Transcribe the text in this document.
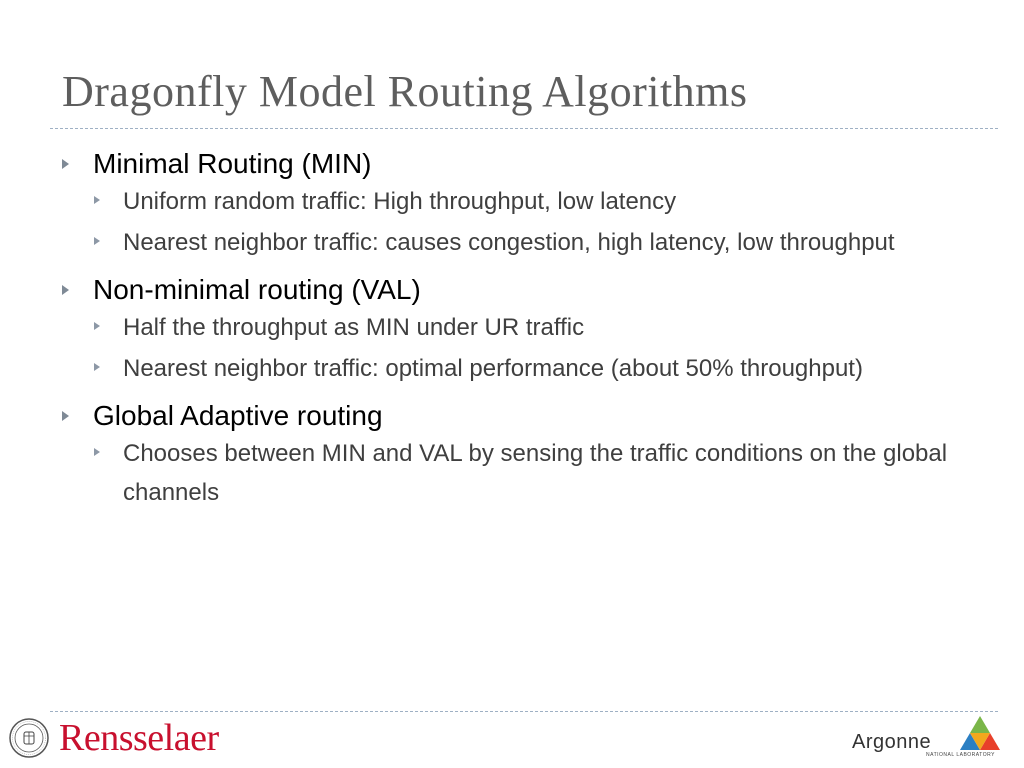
Dragonfly Model Routing Algorithms
Minimal Routing (MIN)
Uniform random traffic: High throughput, low latency
Nearest neighbor traffic: causes congestion, high latency, low throughput
Non-minimal routing (VAL)
Half the throughput as MIN under UR traffic
Nearest neighbor traffic: optimal performance (about 50% throughput)
Global Adaptive routing
Chooses between MIN and VAL by sensing the traffic conditions on the global channels
Rensselaer	Argonne
NATIONAL LABORATORY
